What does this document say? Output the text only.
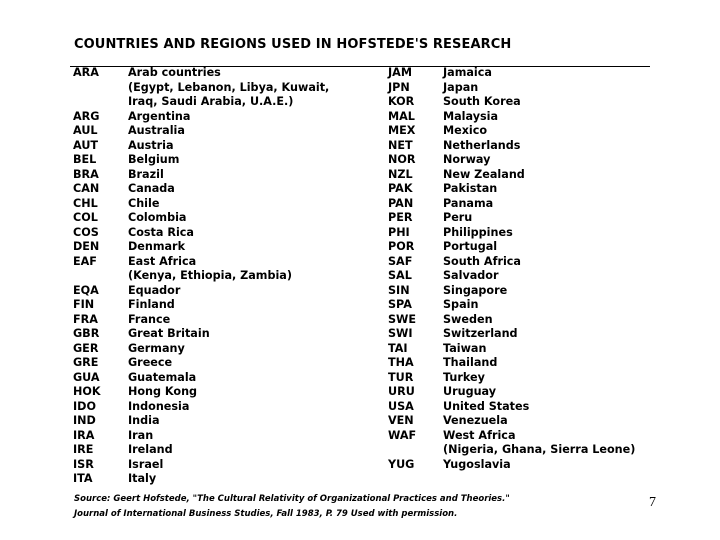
COUNTRIES AND REGIONS USED IN HOFSTEDE'S RESEARCH
ARA
ARG
AUL
AUT
BEL
BRA
CAN
CHL
COL
COS
DEN
EAF
EQA
FIN
FRA
GBR
GER
GRE
GUA
HOK
IDO
IND
IRA
IRE
ISR
ITA
Arab countries
(Egypt, Lebanon, Libya, Kuwait,
Iraq, Saudi Arabia, U.A.E.)
Argentina
Australia
Austria
Belgium
Brazil
Canada
Chile
Colombia
Costa Rica
Denmark
East Africa
(Kenya, Ethiopia, Zambia)
Equador
Finland
France
Great Britain
Germany
Greece
Guatemala
Hong Kong
Indonesia
India
Iran
Ireland
Israel
Italy
JAM
JPN
KOR
MAL
MEX
NET
NOR
NZL
PAK
PAN
PER
PHI
POR
SAF
SAL
SIN
SPA
SWE
SWI
TAI
THA
TUR
URU
USA
VEN
WAF
YUG
Jamaica
Japan
South Korea
Malaysia
Mexico
Netherlands
Norway
New Zealand
Pakistan
Panama
Peru
Philippines
Portugal
South Africa
Salvador
Singapore
Spain
Sweden
Switzerland
Taiwan
Thailand
Turkey
Uruguay
United States
Venezuela
West Africa
(Nigeria, Ghana, Sierra Leone)
Yugoslavia
Source: Geert Hofstede, "The Cultural Relativity of Organizational Practices and Theories."
Journal of International Business Studies, Fall 1983, P. 79 Used with permission.
7
